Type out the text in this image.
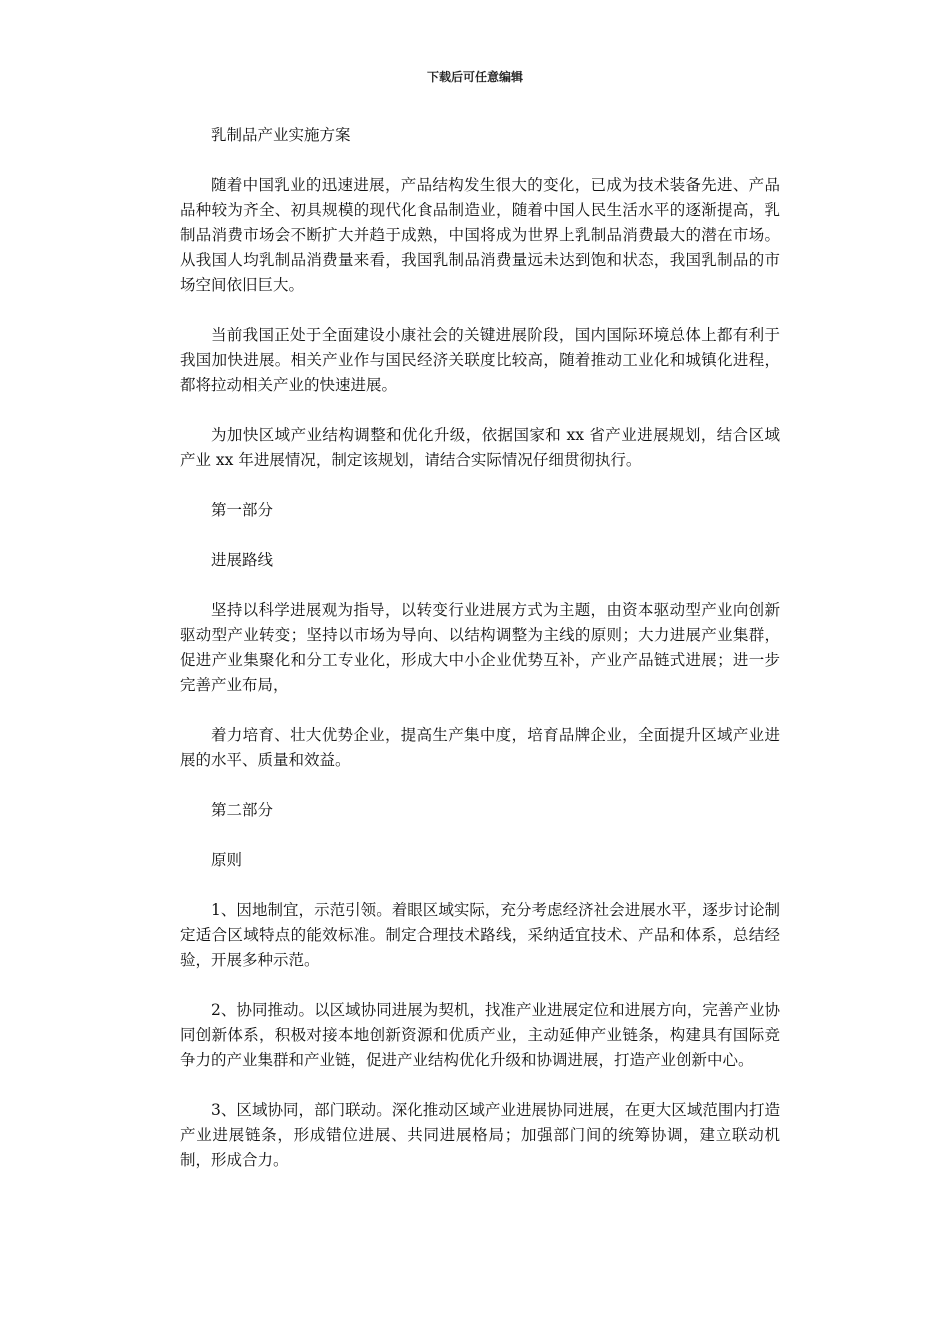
下载后可任意编辑

乳制品产业实施方案

随着中国乳业的迅速进展，产品结构发生很大的变化，已成为技术装备先进、产品品种较为齐全、初具规模的现代化食品制造业，随着中国人民生活水平的逐渐提高，乳制品消费市场会不断扩大并趋于成熟，中国将成为世界上乳制品消费最大的潜在市场。从我国人均乳制品消费量来看，我国乳制品消费量远未达到饱和状态，我国乳制品的市场空间依旧巨大。

当前我国正处于全面建设小康社会的关键进展阶段，国内国际环境总体上都有利于我国加快进展。相关产业作与国民经济关联度比较高，随着推动工业化和城镇化进程，都将拉动相关产业的快速进展。

为加快区域产业结构调整和优化升级，依据国家和 xx 省产业进展规划，结合区域产业 xx 年进展情况，制定该规划，请结合实际情况仔细贯彻执行。

第一部分

进展路线

坚持以科学进展观为指导，以转变行业进展方式为主题，由资本驱动型产业向创新驱动型产业转变；坚持以市场为导向、以结构调整为主线的原则；大力进展产业集群，促进产业集聚化和分工专业化，形成大中小企业优势互补，产业产品链式进展；进一步完善产业布局，

着力培育、壮大优势企业，提高生产集中度，培育品牌企业，全面提升区域产业进展的水平、质量和效益。

第二部分

原则

1、因地制宜，示范引领。着眼区域实际，充分考虑经济社会进展水平，逐步讨论制定适合区域特点的能效标准。制定合理技术路线，采纳适宜技术、产品和体系，总结经验，开展多种示范。

2、协同推动。以区域协同进展为契机，找准产业进展定位和进展方向，完善产业协同创新体系，积极对接本地创新资源和优质产业，主动延伸产业链条，构建具有国际竞争力的产业集群和产业链，促进产业结构优化升级和协调进展，打造产业创新中心。

3、区域协同，部门联动。深化推动区域产业进展协同进展，在更大区域范围内打造产业进展链条，形成错位进展、共同进展格局；加强部门间的统筹协调，建立联动机制，形成合力。
